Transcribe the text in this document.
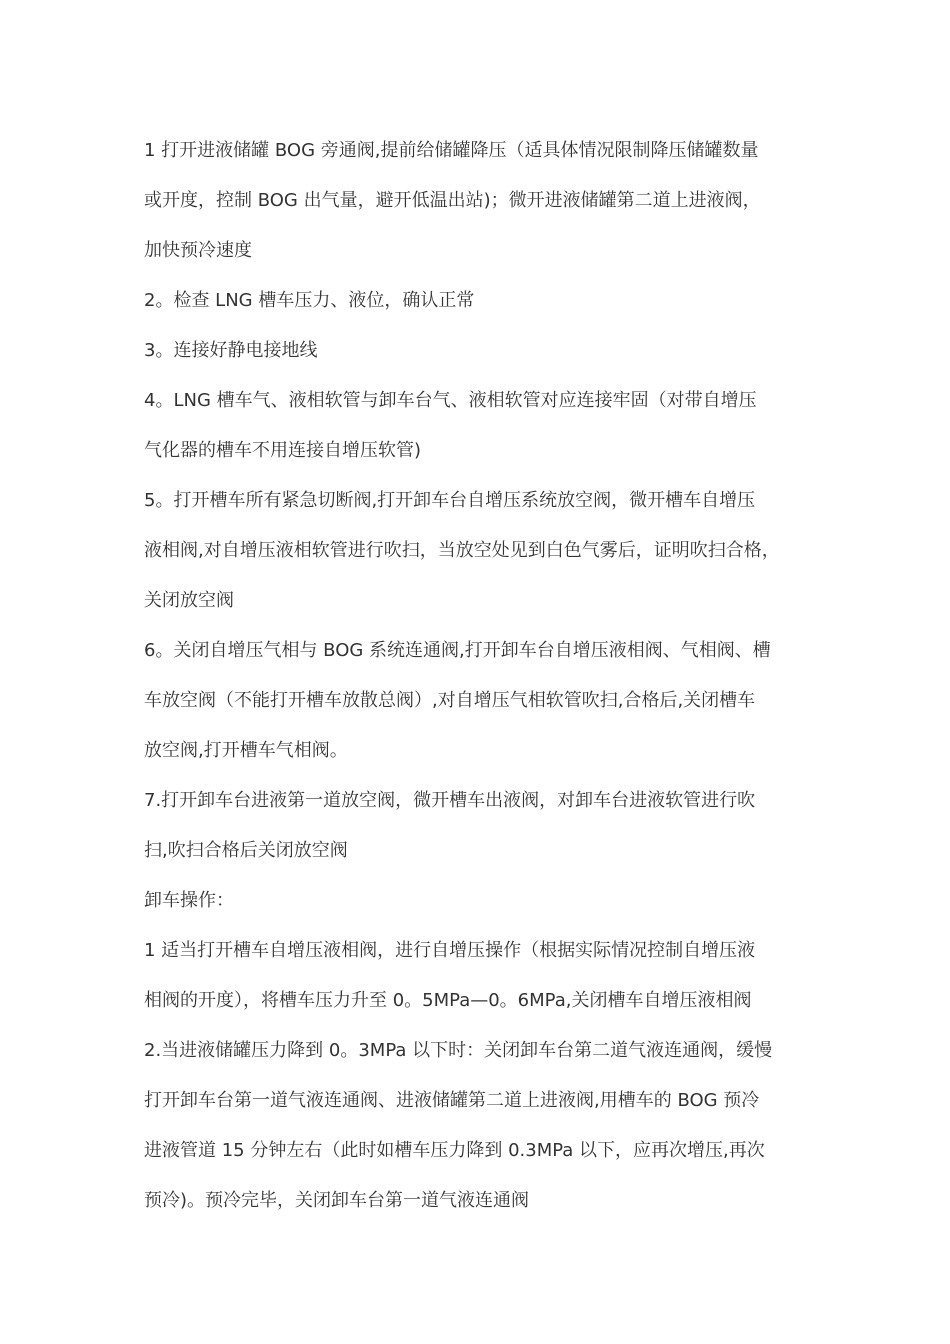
1 打开进液储罐 BOG 旁通阀,提前给储罐降压（适具体情况限制降压储罐数量
或开度，控制 BOG 出气量，避开低温出站)；微开进液储罐第二道上进液阀，
加快预冷速度
2。检查 LNG 槽车压力、液位，确认正常
3。连接好静电接地线
4。LNG 槽车气、液相软管与卸车台气、液相软管对应连接牢固（对带自增压
气化器的槽车不用连接自增压软管)
5。打开槽车所有紧急切断阀,打开卸车台自增压系统放空阀，微开槽车自增压
液相阀,对自增压液相软管进行吹扫，当放空处见到白色气雾后，证明吹扫合格，
关闭放空阀
6。关闭自增压气相与 BOG 系统连通阀,打开卸车台自增压液相阀、气相阀、槽
车放空阀（不能打开槽车放散总阀）,对自增压气相软管吹扫,合格后,关闭槽车
放空阀,打开槽车气相阀。
7.打开卸车台进液第一道放空阀，微开槽车出液阀，对卸车台进液软管进行吹
扫,吹扫合格后关闭放空阀
卸车操作：
1 适当打开槽车自增压液相阀，进行自增压操作（根据实际情况控制自增压液
相阀的开度），将槽车压力升至 0。5MPa—0。6MPa,关闭槽车自增压液相阀
2.当进液储罐压力降到 0。3MPa 以下时：关闭卸车台第二道气液连通阀，缓慢
打开卸车台第一道气液连通阀、进液储罐第二道上进液阀,用槽车的 BOG 预冷
进液管道 15 分钟左右（此时如槽车压力降到 0.3MPa 以下，应再次增压,再次
预冷)。预冷完毕，关闭卸车台第一道气液连通阀
